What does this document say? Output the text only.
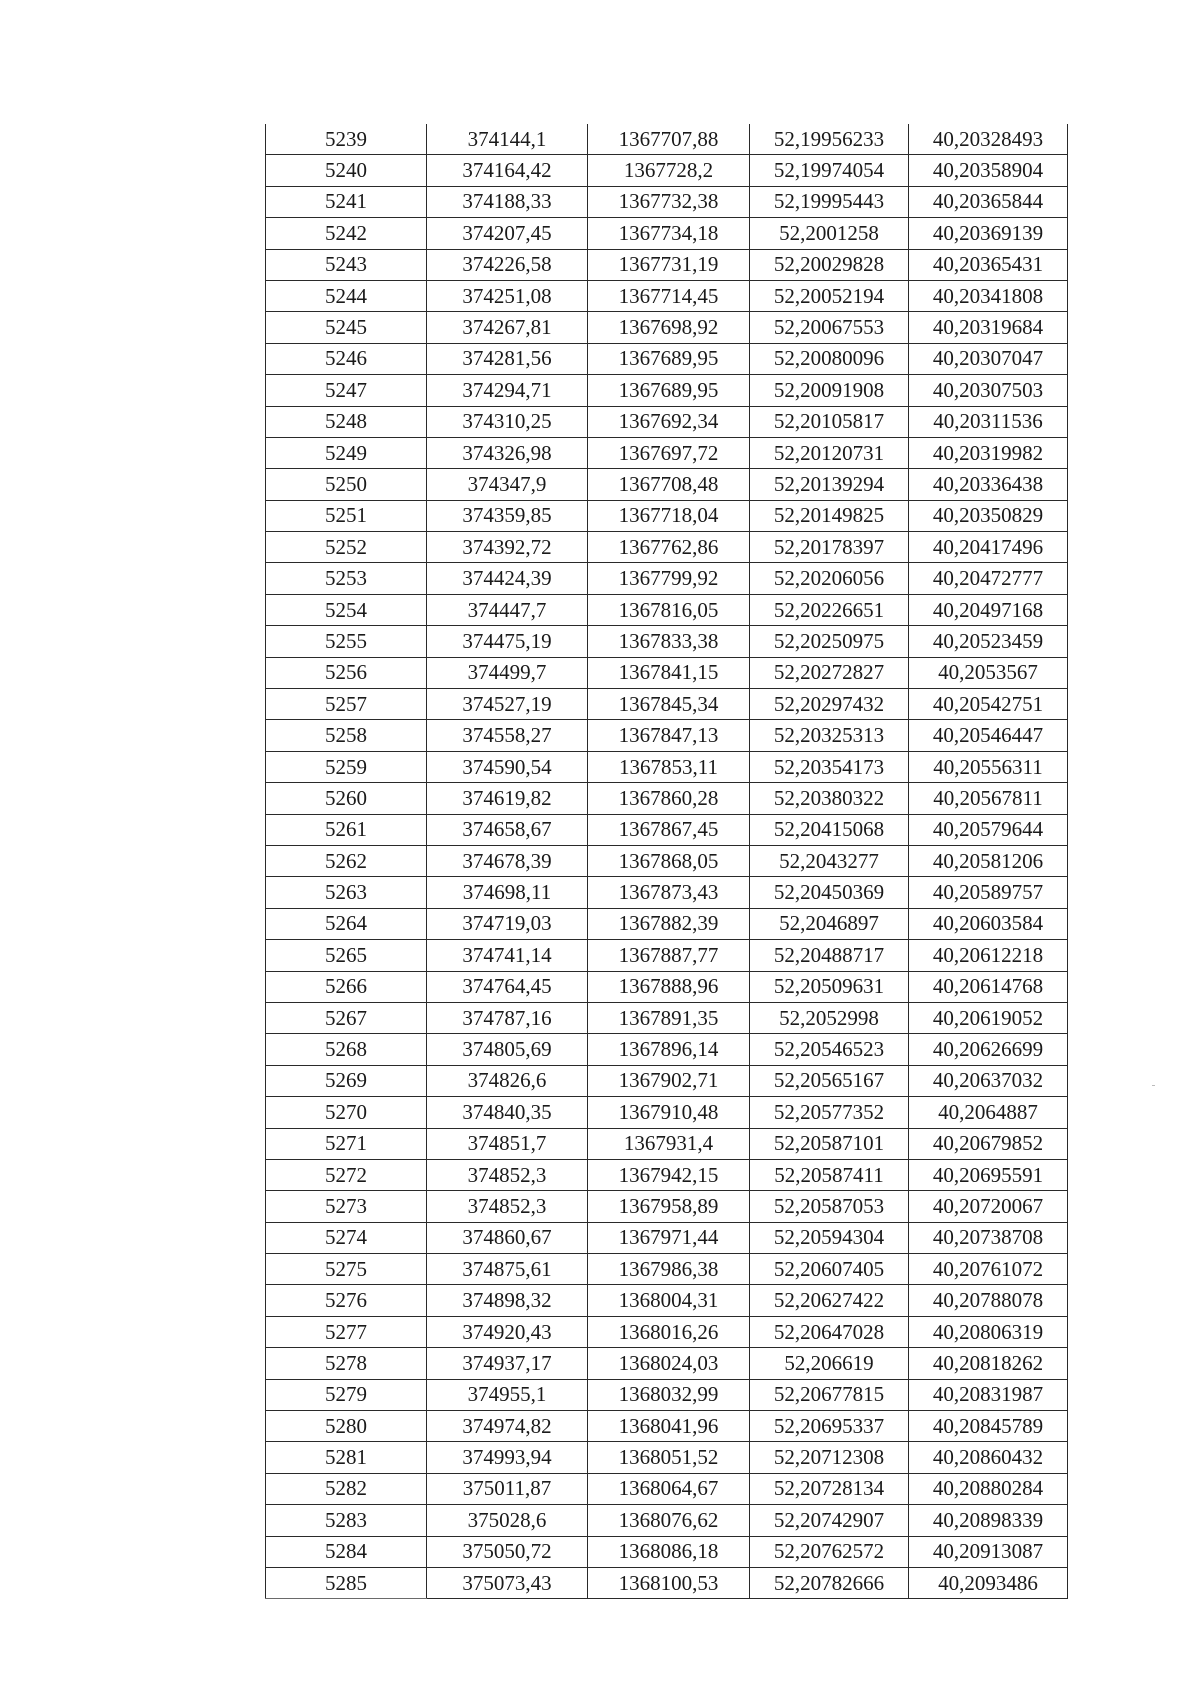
5239	374144,1	1367707,88	52,19956233	40,20328493
5240	374164,42	1367728,2	52,19974054	40,20358904
5241	374188,33	1367732,38	52,19995443	40,20365844
5242	374207,45	1367734,18	52,2001258	40,20369139
5243	374226,58	1367731,19	52,20029828	40,20365431
5244	374251,08	1367714,45	52,20052194	40,20341808
5245	374267,81	1367698,92	52,20067553	40,20319684
5246	374281,56	1367689,95	52,20080096	40,20307047
5247	374294,71	1367689,95	52,20091908	40,20307503
5248	374310,25	1367692,34	52,20105817	40,20311536
5249	374326,98	1367697,72	52,20120731	40,20319982
5250	374347,9	1367708,48	52,20139294	40,20336438
5251	374359,85	1367718,04	52,20149825	40,20350829
5252	374392,72	1367762,86	52,20178397	40,20417496
5253	374424,39	1367799,92	52,20206056	40,20472777
5254	374447,7	1367816,05	52,20226651	40,20497168
5255	374475,19	1367833,38	52,20250975	40,20523459
5256	374499,7	1367841,15	52,20272827	40,2053567
5257	374527,19	1367845,34	52,20297432	40,20542751
5258	374558,27	1367847,13	52,20325313	40,20546447
5259	374590,54	1367853,11	52,20354173	40,20556311
5260	374619,82	1367860,28	52,20380322	40,20567811
5261	374658,67	1367867,45	52,20415068	40,20579644
5262	374678,39	1367868,05	52,2043277	40,20581206
5263	374698,11	1367873,43	52,20450369	40,20589757
5264	374719,03	1367882,39	52,2046897	40,20603584
5265	374741,14	1367887,77	52,20488717	40,20612218
5266	374764,45	1367888,96	52,20509631	40,20614768
5267	374787,16	1367891,35	52,2052998	40,20619052
5268	374805,69	1367896,14	52,20546523	40,20626699
5269	374826,6	1367902,71	52,20565167	40,20637032
5270	374840,35	1367910,48	52,20577352	40,2064887
5271	374851,7	1367931,4	52,20587101	40,20679852
5272	374852,3	1367942,15	52,20587411	40,20695591
5273	374852,3	1367958,89	52,20587053	40,20720067
5274	374860,67	1367971,44	52,20594304	40,20738708
5275	374875,61	1367986,38	52,20607405	40,20761072
5276	374898,32	1368004,31	52,20627422	40,20788078
5277	374920,43	1368016,26	52,20647028	40,20806319
5278	374937,17	1368024,03	52,206619	40,20818262
5279	374955,1	1368032,99	52,20677815	40,20831987
5280	374974,82	1368041,96	52,20695337	40,20845789
5281	374993,94	1368051,52	52,20712308	40,20860432
5282	375011,87	1368064,67	52,20728134	40,20880284
5283	375028,6	1368076,62	52,20742907	40,20898339
5284	375050,72	1368086,18	52,20762572	40,20913087
5285	375073,43	1368100,53	52,20782666	40,2093486
